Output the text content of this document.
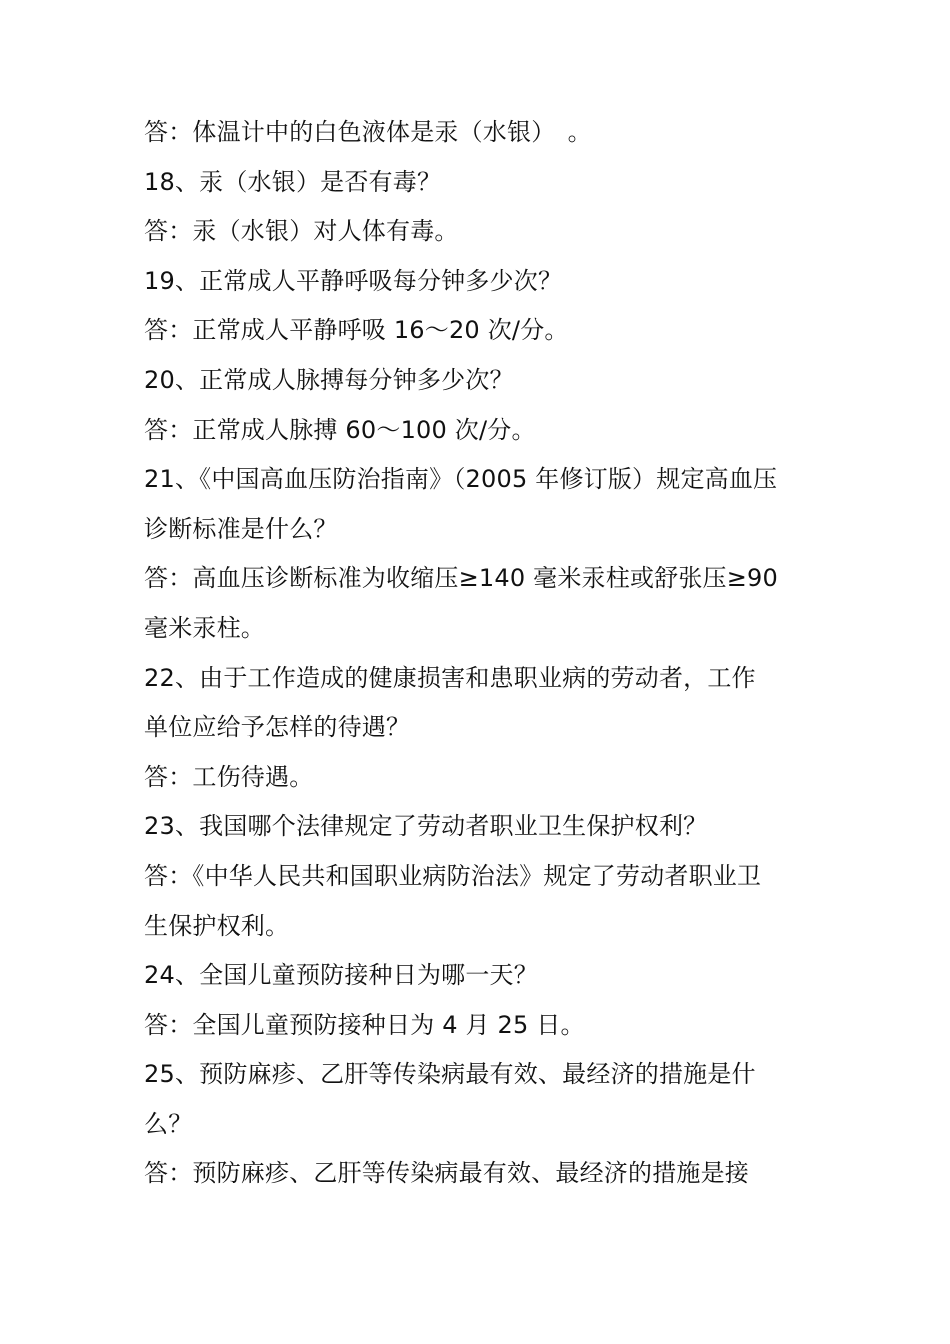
答：体温计中的白色液体是汞（水银）　。
18、汞（水银）是否有毒？
答：汞（水银）对人体有毒。
19、正常成人平静呼吸每分钟多少次？
答：正常成人平静呼吸 16～20 次/分。
20、正常成人脉搏每分钟多少次？
答：正常成人脉搏 60～100 次/分。
21、《中国高血压防治指南》（2005 年修订版）规定高血压
诊断标准是什么？
答：高血压诊断标准为收缩压≥140 毫米汞柱或舒张压≥90
毫米汞柱。
22、由于工作造成的健康损害和患职业病的劳动者，工作
单位应给予怎样的待遇？
答：工伤待遇。
23、我国哪个法律规定了劳动者职业卫生保护权利？
答：《中华人民共和国职业病防治法》规定了劳动者职业卫
生保护权利。
24、全国儿童预防接种日为哪一天？
答：全国儿童预防接种日为 4 月 25 日。
25、预防麻疹、乙肝等传染病最有效、最经济的措施是什
么？
答：预防麻疹、乙肝等传染病最有效、最经济的措施是接
